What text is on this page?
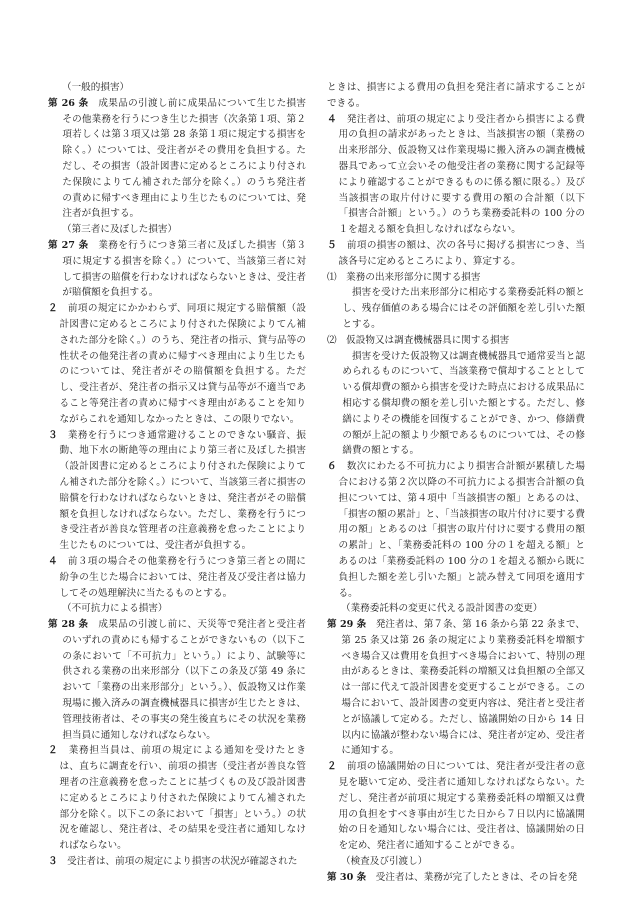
（一般的損害）
第 26 条　成果品の引渡し前に成果品について生じた損害その他業務を行うにつき生じた損害（次条第１項、第２項若しくは第３項又は第 28 条第１項に規定する損害を除く。）については、受注者がその費用を負担する。ただし、その損害（設計図書に定めるところにより付された保険によりてん補された部分を除く。）のうち発注者の責めに帰すべき理由により生じたものについては、発注者が負担する。
（第三者に及ぼした損害）
第 27 条　業務を行うにつき第三者に及ぼした損害（第３項に規定する損害を除く。）について、当該第三者に対して損害の賠償を行わなければならないときは、受注者が賠償額を負担する。
２　前項の規定にかかわらず、同項に規定する賠償額（設計図書に定めるところにより付された保険によりてん補された部分を除く。）のうち、発注者の指示、貸与品等の性状その他発注者の責めに帰すべき理由により生じたものについては、発注者がその賠償額を負担する。ただし、受注者が、発注者の指示又は貸与品等が不適当であること等発注者の責めに帰すべき理由があることを知りながらこれを通知しなかったときは、この限りでない。
３　業務を行うにつき通常避けることのできない騒音、振動、地下水の断絶等の理由により第三者に及ぼした損害（設計図書に定めるところにより付された保険によりてん補された部分を除く。）について、当該第三者に損害の賠償を行わなければならないときは、発注者がその賠償額を負担しなければならない。ただし、業務を行うにつき受注者が善良な管理者の注意義務を怠ったことにより生じたものについては、受注者が負担する。
４　前３項の場合その他業務を行うにつき第三者との間に紛争の生じた場合においては、発注者及び受注者は協力してその処理解決に当たるものとする。
（不可抗力による損害）
第 28 条　成果品の引渡し前に、天災等で発注者と受注者のいずれの責めにも帰することができないもの（以下この条において「不可抗力」という。）により、試験等に供される業務の出来形部分（以下この条及び第 49 条において「業務の出来形部分」という。）、仮設物又は作業現場に搬入済みの調査機械器具に損害が生じたときは、管理技術者は、その事実の発生後直ちにその状況を業務担当員に通知しなければならない。
２　業務担当員は、前項の規定による通知を受けたときは、直ちに調査を行い、前項の損害（受注者が善良な管理者の注意義務を怠ったことに基づくもの及び設計図書に定めるところにより付された保険によりてん補された部分を除く。以下この条において「損害」という。）の状況を確認し、発注者は、その結果を受注者に通知しなければならない。
３　受注者は、前項の規定により損害の状況が確認された
ときは、損害による費用の負担を発注者に請求することができる。
４　発注者は、前項の規定により受注者から損害による費用の負担の請求があったときは、当該損害の額（業務の出来形部分、仮設物又は作業現場に搬入済みの調査機械器具であって立会いその他受注者の業務に関する記録等により確認することができるものに係る額に限る。）及び当該損害の取片付けに要する費用の額の合計額（以下「損害合計額」という。）のうち業務委託料の 100 分の１を超える額を負担しなければならない。
５　前項の損害の額は、次の各号に掲げる損害につき、当該各号に定めるところにより、算定する。
⑴　業務の出来形部分に関する損害
損害を受けた出来形部分に相応する業務委託料の額とし、残存価値のある場合にはその評価額を差し引いた額とする。
⑵　仮設物又は調査機械器具に関する損害
損害を受けた仮設物又は調査機械器具で通常妥当と認められるものについて、当該業務で償却することとしている償却費の額から損害を受けた時点における成果品に相応する償却費の額を差し引いた額とする。ただし、修繕によりその機能を回復することができ、かつ、修繕費の額が上記の額より少額であるものについては、その修繕費の額とする。
６　数次にわたる不可抗力により損害合計額が累積した場合における第２次以降の不可抗力による損害合計額の負担については、第４項中「当該損害の額」とあるのは、「損害の額の累計」と、「当該損害の取片付けに要する費用の額」とあるのは「損害の取片付けに要する費用の額の累計」と、「業務委託料の 100 分の１を超える額」とあるのは「業務委託料の 100 分の１を超える額から既に負担した額を差し引いた額」と読み替えて同項を適用する。
（業務委託料の変更に代える設計図書の変更）
第 29 条　発注者は、第７条、第 16 条から第 22 条まで、第 25 条又は第 26 条の規定により業務委託料を増額すべき場合又は費用を負担すべき場合において、特別の理由があるときは、業務委託料の増額又は負担額の全部又は一部に代えて設計図書を変更することができる。この場合において、設計図書の変更内容は、発注者と受注者とが協議して定める。ただし、協議開始の日から 14 日以内に協議が整わない場合には、発注者が定め、受注者に通知する。
２　前項の協議開始の日については、発注者が受注者の意見を聴いて定め、受注者に通知しなければならない。ただし、発注者が前項に規定する業務委託料の増額又は費用の負担をすべき事由が生じた日から７日以内に協議開始の日を通知しない場合には、受注者は、協議開始の日を定め、発注者に通知することができる。
（検査及び引渡し）
第 30 条　受注者は、業務が完了したときは、その旨を発
